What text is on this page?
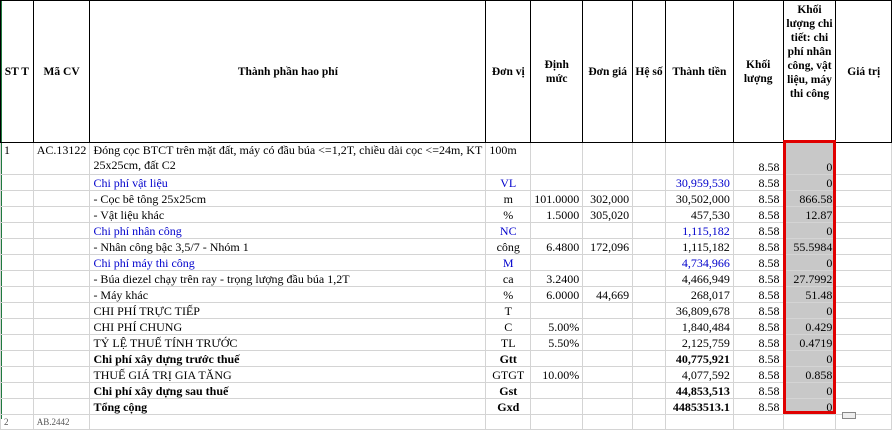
ST T	Mã CV	Thành phần hao phí	Đơn vị	Định mức	Đơn giá	Hệ số	Thành tiền	Khối lượng	Khối lượng chi tiết: chi phí nhân công, vật liệu, máy thi công	Giá trị
1	AC.13122	Đóng cọc BTCT trên mặt đất, máy có đầu búa <=1,2T, chiều dài cọc <=24m, KT 25x25cm, đất C2	100m					8.58	0	
		Chi phí vật liệu	VL				30,959,530	8.58	0	
		- Cọc bê tông 25x25cm	m	101.0000	302,000		30,502,000	8.58	866.58	
		- Vật liệu khác	%	1.5000	305,020		457,530	8.58	12.87	
		Chi phí nhân công	NC				1,115,182	8.58	0	
		- Nhân công bậc 3,5/7 - Nhóm 1	công	6.4800	172,096		1,115,182	8.58	55.5984	
		Chi phí máy thi công	M				4,734,966	8.58	0	
		- Búa diezel chạy trên ray - trọng lượng đầu búa 1,2T	ca	3.2400			4,466,949	8.58	27.7992	
		- Máy khác	%	6.0000	44,669		268,017	8.58	51.48	
		CHI PHÍ TRỰC TIẾP	T				36,809,678	8.58	0	
		CHI PHÍ CHUNG	C	5.00%			1,840,484	8.58	0.429	
		TỶ LỆ THUẾ TÍNH TRƯỚC	TL	5.50%			2,125,759	8.58	0.4719	
		Chi phí xây dựng trước thuế	Gtt				40,775,921	8.58	0	
		THUẾ GIÁ TRỊ GIA TĂNG	GTGT	10.00%			4,077,592	8.58	0.858	
		Chi phí xây dựng sau thuế	Gst				44,853,513	8.58	0	
		Tổng cộng	Gxd				44853513.1	8.58	0	
2	AB.2442									
